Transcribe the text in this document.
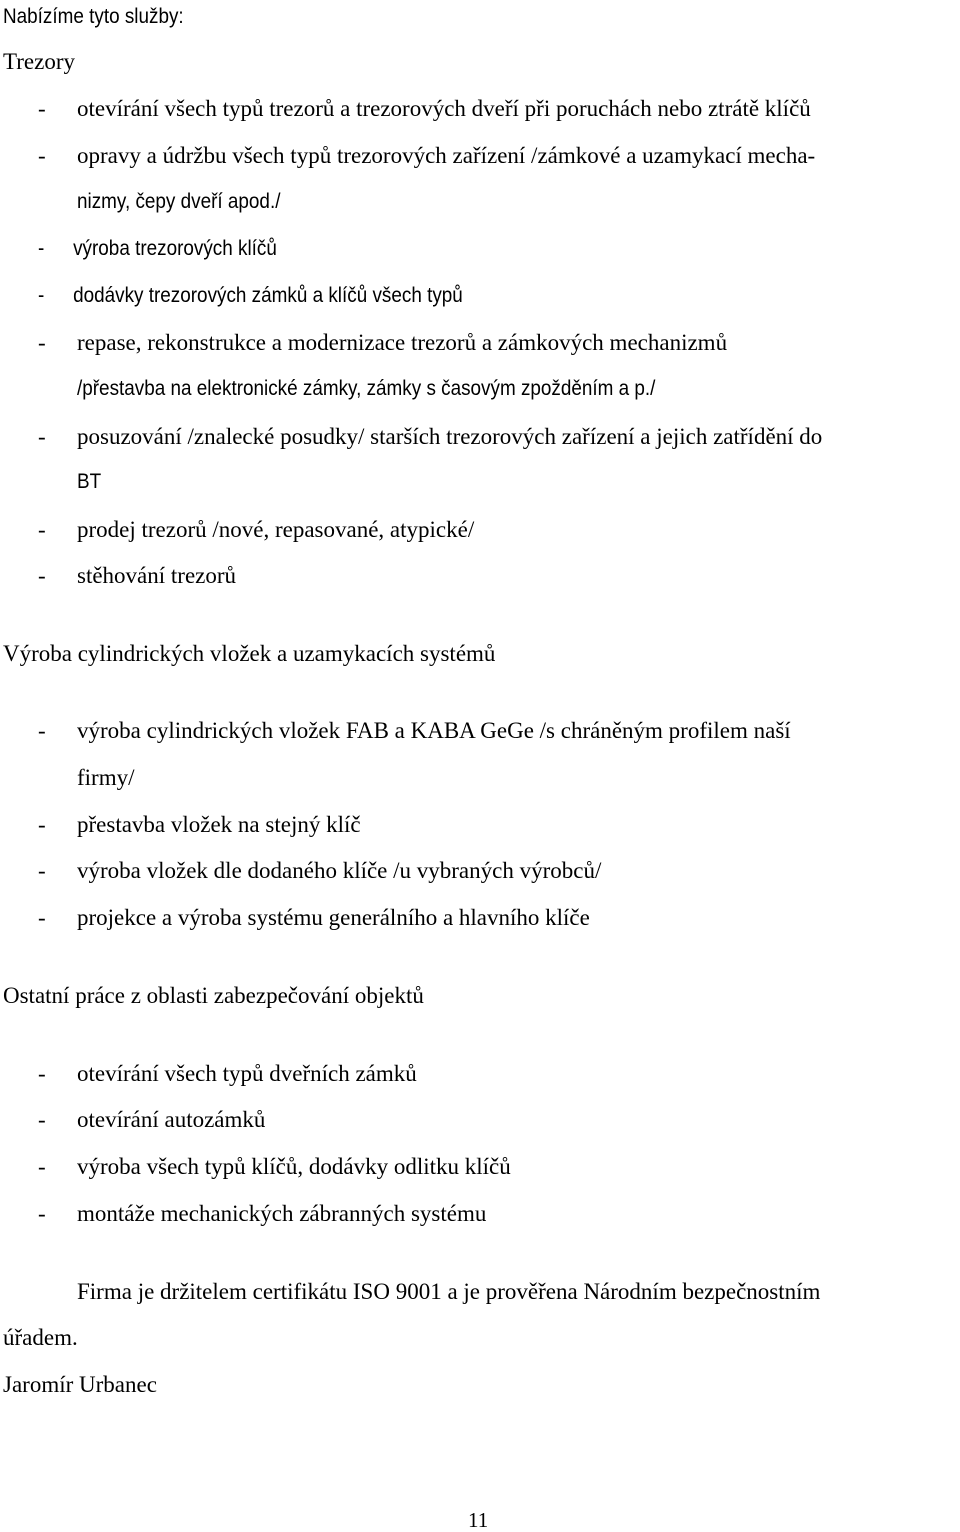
Nabízíme tyto služby:
Trezory
- otevírání všech typů trezorů a trezorových dveří při poruchách nebo ztrátě klíčů
- opravy a údržbu všech typů trezorových zařízení /zámkové a uzamykací mecha-
nizmy, čepy dveří apod./
- výroba trezorových klíčů
- dodávky trezorových zámků a klíčů všech typů
- repase, rekonstrukce a modernizace trezorů a zámkových mechanizmů
/přestavba na elektronické zámky, zámky s časovým zpožděním a p./
- posuzování /znalecké posudky/ starších trezorových zařízení a jejich zatřídění do
BT
- prodej trezorů /nové, repasované, atypické/
- stěhování trezorů
Výroba cylindrických vložek a uzamykacích systémů
- výroba cylindrických vložek FAB a KABA GeGe /s chráněným profilem naší
firmy/
- přestavba vložek na stejný klíč
- výroba vložek dle dodaného klíče /u vybraných výrobců/
- projekce a výroba systému generálního a hlavního klíče
Ostatní práce z oblasti zabezpečování objektů
- otevírání všech typů dveřních zámků
- otevírání autozámků
- výroba všech typů klíčů, dodávky odlitku klíčů
- montáže mechanických zábranných systému
Firma je držitelem certifikátu ISO 9001 a je prověřena Národním bezpečnostním
úřadem.
Jaromír Urbanec
11
